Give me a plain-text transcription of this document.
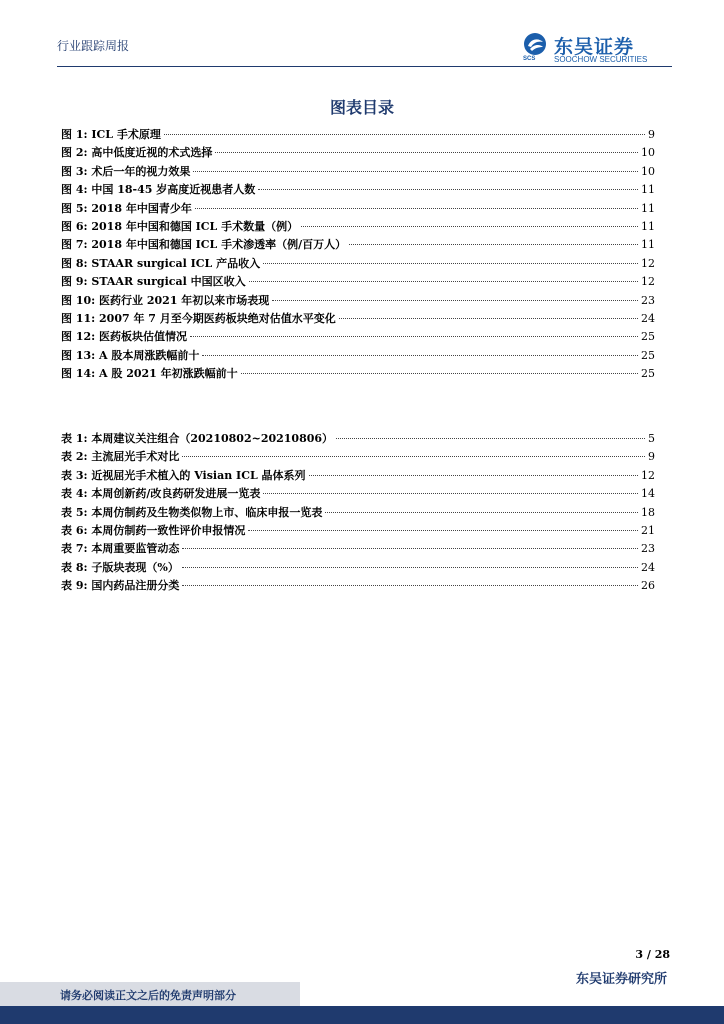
行业跟踪周报
SCS
东吴证券
SOOCHOW SECURITIES
图表目录
图 1: ICL 手术原理	9
图 2: 高中低度近视的术式选择	10
图 3: 术后一年的视力效果	10
图 4: 中国 18-45 岁高度近视患者人数	11
图 5: 2018 年中国青少年	11
图 6: 2018 年中国和德国 ICL 手术数量（例）	11
图 7: 2018 年中国和德国 ICL 手术渗透率（例/百万人）	11
图 8: STAAR surgical ICL 产品收入	12
图 9: STAAR surgical 中国区收入	12
图 10: 医药行业 2021 年初以来市场表现	23
图 11: 2007 年 7 月至今期医药板块绝对估值水平变化	24
图 12: 医药板块估值情况	25
图 13: A 股本周涨跌幅前十	25
图 14: A 股 2021 年初涨跌幅前十	25
表 1: 本周建议关注组合（20210802~20210806）	5
表 2: 主流屈光手术对比	9
表 3: 近视屈光手术植入的 Visian ICL 晶体系列	12
表 4: 本周创新药/改良药研发进展一览表	14
表 5: 本周仿制药及生物类似物上市、临床申报一览表	18
表 6: 本周仿制药一致性评价申报情况	21
表 7: 本周重要监管动态	23
表 8: 子版块表现（%）	24
表 9: 国内药品注册分类	26
3 / 28
东吴证券研究所
请务必阅读正文之后的免责声明部分
